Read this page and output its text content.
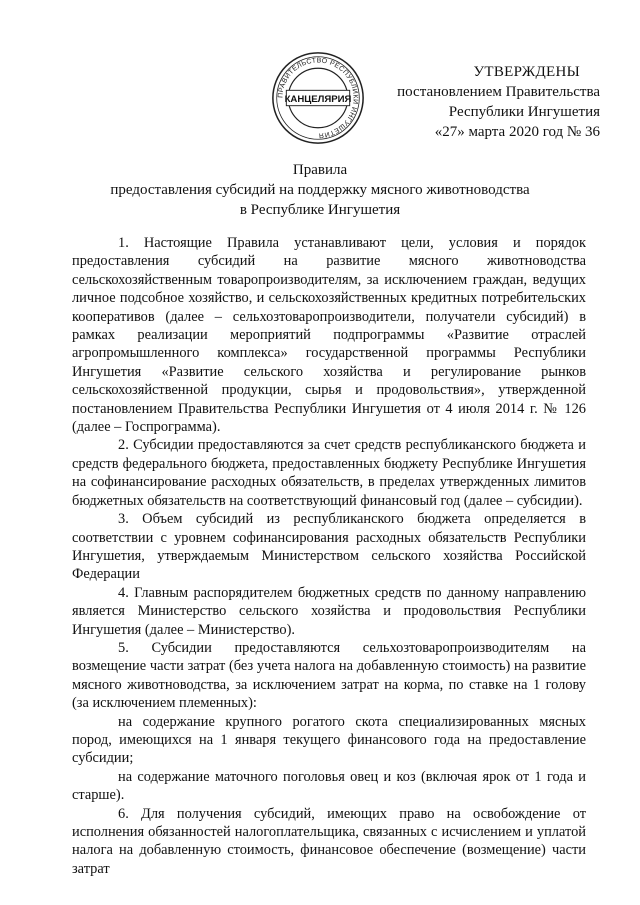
ПРАВИТЕЛЬСТВО РЕСПУБЛИКИ ИНГУШЕТИЯ
КАНЦЕЛЯРИЯ
УТВЕРЖДЕНЫ
постановлением Правительства
Республики Ингушетия
«27» марта 2020 год № 36
Правила
предоставления субсидий на поддержку мясного животноводства
в Республике Ингушетия

1. Настоящие Правила устанавливают цели, условия и порядок предоставления субсидий на развитие мясного животноводства сельскохозяйственным товаропроизводителям, за исключением граждан, ведущих личное подсобное хозяйство, и сельскохозяйственных кредитных потребительских кооперативов (далее – сельхозтоваропроизводители, получатели субсидий) в рамках реализации мероприятий подпрограммы «Развитие отраслей агропромышленного комплекса» государственной программы Республики Ингушетия «Развитие сельского хозяйства и регулирование рынков сельскохозяйственной продукции, сырья и продовольствия», утвержденной постановлением Правительства Республики Ингушетия от 4 июля 2014 г. № 126 (далее – Госпрограмма).

2. Субсидии предоставляются за счет средств республиканского бюджета и средств федерального бюджета, предоставленных бюджету Республике Ингушетия на софинансирование расходных обязательств, в пределах утвержденных лимитов бюджетных обязательств на соответствующий финансовый год (далее – субсидии).

3. Объем субсидий из республиканского бюджета определяется в соответствии с уровнем софинансирования расходных обязательств Республики Ингушетия, утверждаемым Министерством сельского хозяйства Российской Федерации

4. Главным распорядителем бюджетных средств по данному направлению является Министерство сельского хозяйства и продовольствия Республики Ингушетия (далее – Министерство).

5. Субсидии предоставляются сельхозтоваропроизводителям на возмещение части затрат (без учета налога на добавленную стоимость) на развитие мясного животноводства, за исключением затрат на корма, по ставке на 1 голову (за исключением племенных):

на содержание крупного рогатого скота специализированных мясных пород, имеющихся на 1 января текущего финансового года на предоставление субсидии;

на содержание маточного поголовья овец и коз (включая ярок от 1 года и старше).

6. Для получения субсидий, имеющих право на освобождение от исполнения обязанностей налогоплательщика, связанных с исчислением и уплатой налога на добавленную стоимость, финансовое обеспечение (возмещение) части затрат
